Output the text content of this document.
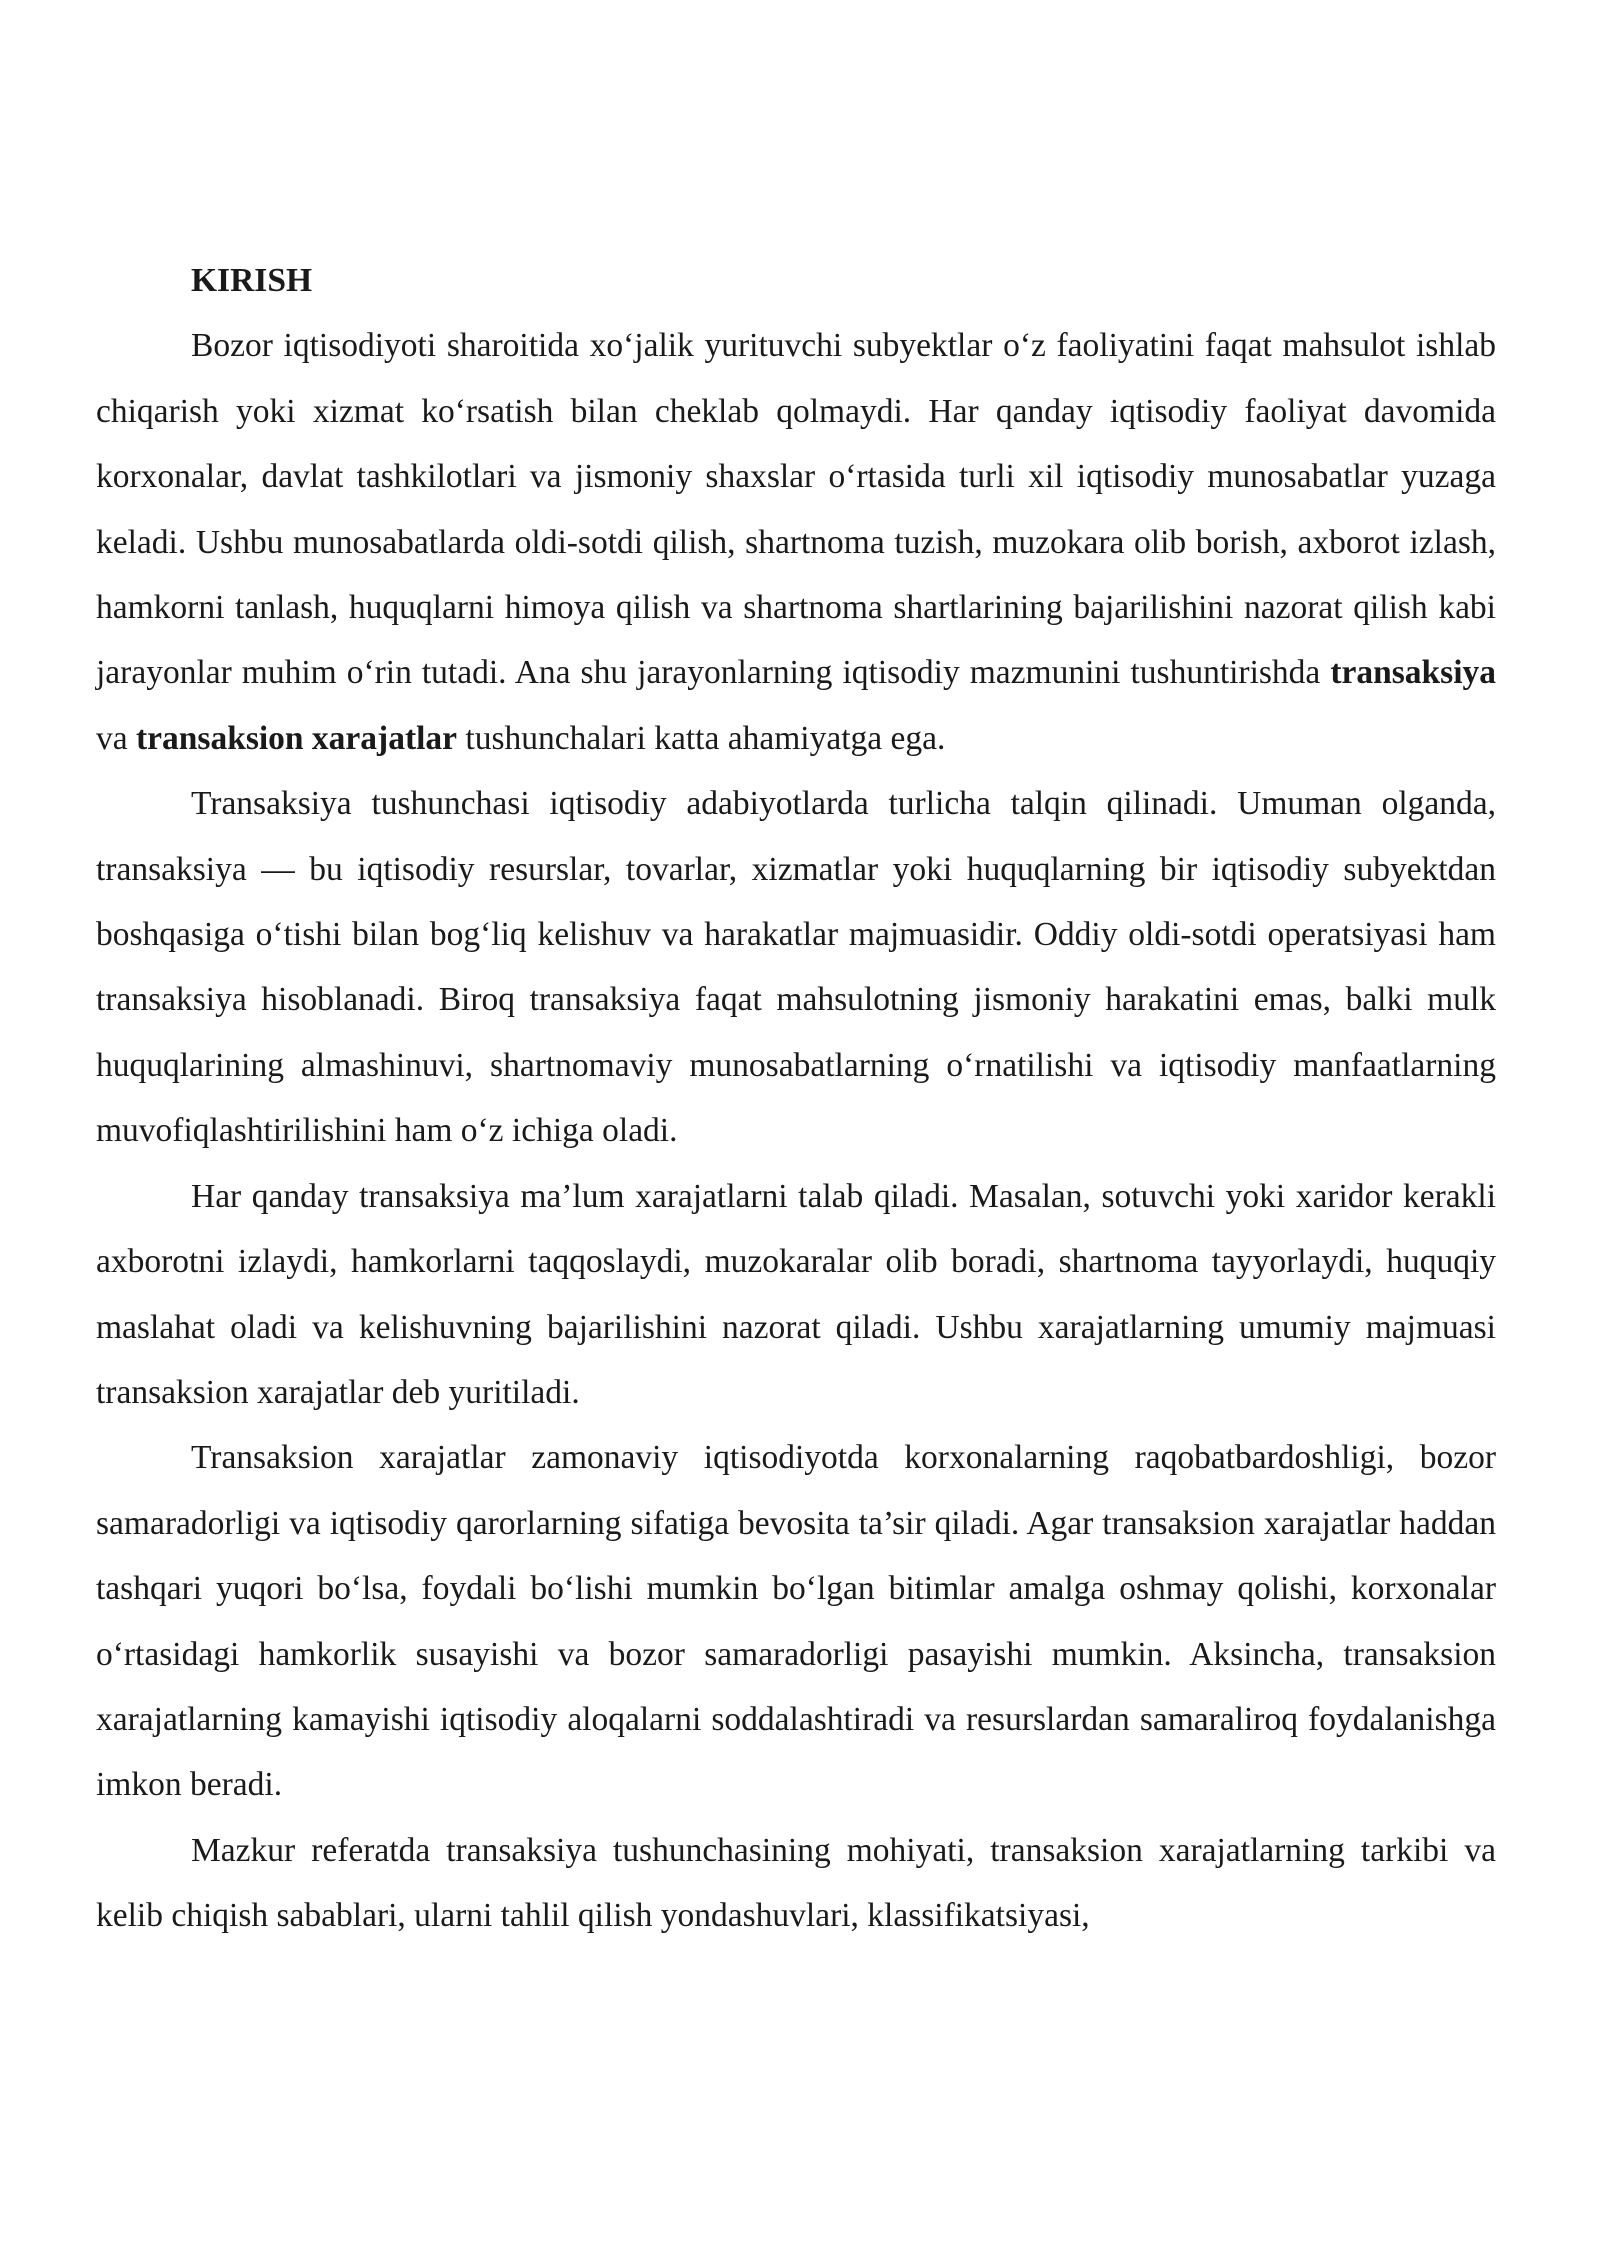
KIRISH

Bozor iqtisodiyoti sharoitida xo‘jalik yurituvchi subyektlar o‘z faoliyatini faqat mahsulot ishlab chiqarish yoki xizmat ko‘rsatish bilan cheklab qolmaydi. Har qanday iqtisodiy faoliyat davomida korxonalar, davlat tashkilotlari va jismoniy shaxslar o‘rtasida turli xil iqtisodiy munosabatlar yuzaga keladi. Ushbu munosabatlarda oldi-sotdi qilish, shartnoma tuzish, muzokara olib borish, axborot izlash, hamkorni tanlash, huquqlarni himoya qilish va shartnoma shartlarining bajarilishini nazorat qilish kabi jarayonlar muhim o‘rin tutadi. Ana shu jarayonlarning iqtisodiy mazmunini tushuntirishda transaksiya va transaksion xarajatlar tushunchalari katta ahamiyatga ega.

Transaksiya tushunchasi iqtisodiy adabiyotlarda turlicha talqin qilinadi. Umuman olganda, transaksiya — bu iqtisodiy resurslar, tovarlar, xizmatlar yoki huquqlarning bir iqtisodiy subyektdan boshqasiga o‘tishi bilan bog‘liq kelishuv va harakatlar majmuasidir. Oddiy oldi-sotdi operatsiyasi ham transaksiya hisoblanadi. Biroq transaksiya faqat mahsulotning jismoniy harakatini emas, balki mulk huquqlarining almashinuvi, shartnomaviy munosabatlarning o‘rnatilishi va iqtisodiy manfaatlarning muvofiqlashtirilishini ham o‘z ichiga oladi.

Har qanday transaksiya ma’lum xarajatlarni talab qiladi. Masalan, sotuvchi yoki xaridor kerakli axborotni izlaydi, hamkorlarni taqqoslaydi, muzokaralar olib boradi, shartnoma tayyorlaydi, huquqiy maslahat oladi va kelishuvning bajarilishini nazorat qiladi. Ushbu xarajatlarning umumiy majmuasi transaksion xarajatlar deb yuritiladi.

Transaksion xarajatlar zamonaviy iqtisodiyotda korxonalarning raqobatbardoshligi, bozor samaradorligi va iqtisodiy qarorlarning sifatiga bevosita ta’sir qiladi. Agar transaksion xarajatlar haddan tashqari yuqori bo‘lsa, foydali bo‘lishi mumkin bo‘lgan bitimlar amalga oshmay qolishi, korxonalar o‘rtasidagi hamkorlik susayishi va bozor samaradorligi pasayishi mumkin. Aksincha, transaksion xarajatlarning kamayishi iqtisodiy aloqalarni soddalashtiradi va resurslardan samaraliroq foydalanishga imkon beradi.

Mazkur referatda transaksiya tushunchasining mohiyati, transaksion xarajatlarning tarkibi va kelib chiqish sabablari, ularni tahlil qilish yondashuvlari, klassifikatsiyasi,
